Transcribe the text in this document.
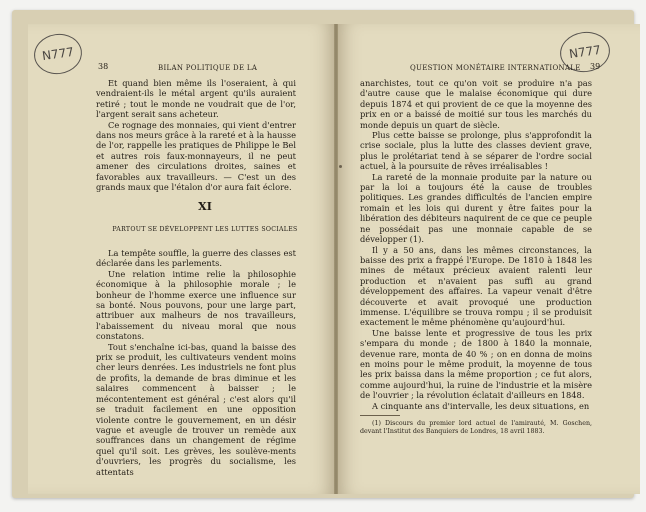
N777
38	BILAN POLITIQUE DE LA

Et quand bien même ils l'oseraient, à qui vendraient-ils le métal argent qu'ils auraient retiré ; tout le monde ne voudrait que de l'or, l'argent serait sans acheteur.

Ce rognage des monnaies, qui vient d'entrer dans nos meurs grâce à la rareté et à la hausse de l'or, rappelle les pratiques de Philippe le Bel et autres rois faux-monnayeurs, il ne peut amener des circulations droites, saines et favorables aux travailleurs. — C'est un des grands maux que l'étalon d'or aura fait éclore.

XI
PARTOUT SE DÉVELOPPENT LES LUTTES SOCIALES

La tempête souffle, la guerre des classes est déclarée dans les parlements.

Une relation intime relie la philosophie économique à la philosophie morale ; le bonheur de l'homme exerce une influence sur sa bonté. Nous pouvons, pour une large part, attribuer aux malheurs de nos travailleurs, l'abaissement du niveau moral que nous constatons.

Tout s'enchaîne ici-bas, quand la baisse des prix se produit, les cultivateurs vendent moins cher leurs denrées. Les industriels ne font plus de profits, la demande de bras diminue et les salaires commencent à baisser ; le mécontentement est général ; c'est alors qu'il se traduit facilement en une opposition violente contre le gouvernement, en un désir vague et aveugle de trouver un remède aux souffrances dans un changement de régime quel qu'il soit. Les grèves, les soulève-ments d'ouvriers, les progrès du socialisme, les attentats

N777
QUESTION MONÉTAIRE INTERNATIONALE 39

anarchistes, tout ce qu'on voit se produire n'a pas d'autre cause que le malaise économique qui dure depuis 1874 et qui provient de ce que la moyenne des prix en or a baissé de moitié sur tous les marchés du monde depuis un quart de siècle.

Plus cette baisse se prolonge, plus s'approfondit la crise sociale, plus la lutte des classes devient grave, plus le prolétariat tend à se séparer de l'ordre social actuel, à la poursuite de rêves irréalisables !

La rareté de la monnaie produite par la nature ou par la loi a toujours été la cause de troubles politiques. Les grandes difficultés de l'ancien empire romain et les lois qui durent y être faites pour la libération des débiteurs naquirent de ce que ce peuple ne possédait pas une monnaie capable de se développer (1).

Il y a 50 ans, dans les mêmes circonstances, la baisse des prix a frappé l'Europe. De 1810 à 1848 les mines de métaux précieux avaient ralenti leur production et n'avaient pas suffi au grand développement des affaires. La vapeur venait d'être découverte et avait provoqué une production immense. L'équilibre se trouva rompu ; il se produisit exactement le même phénomène qu'aujourd'hui.

Une baisse lente et progressive de tous les prix s'empara du monde ; de 1800 à 1840 la monnaie, devenue rare, monta de 40 % ; on en donna de moins en moins pour le même produit, la moyenne de tous les prix baissa dans la même proportion ; ce fut alors, comme aujourd'hui, la ruine de l'industrie et la misère de l'ouvrier ; la révolution éclatait d'ailleurs en 1848.

A cinquante ans d'intervalle, les deux situations, en

(1) Discours du premier lord actuel de l'amirauté, M. Goschen, devant l'Institut des Banquiers de Londres, 18 avril 1883.
